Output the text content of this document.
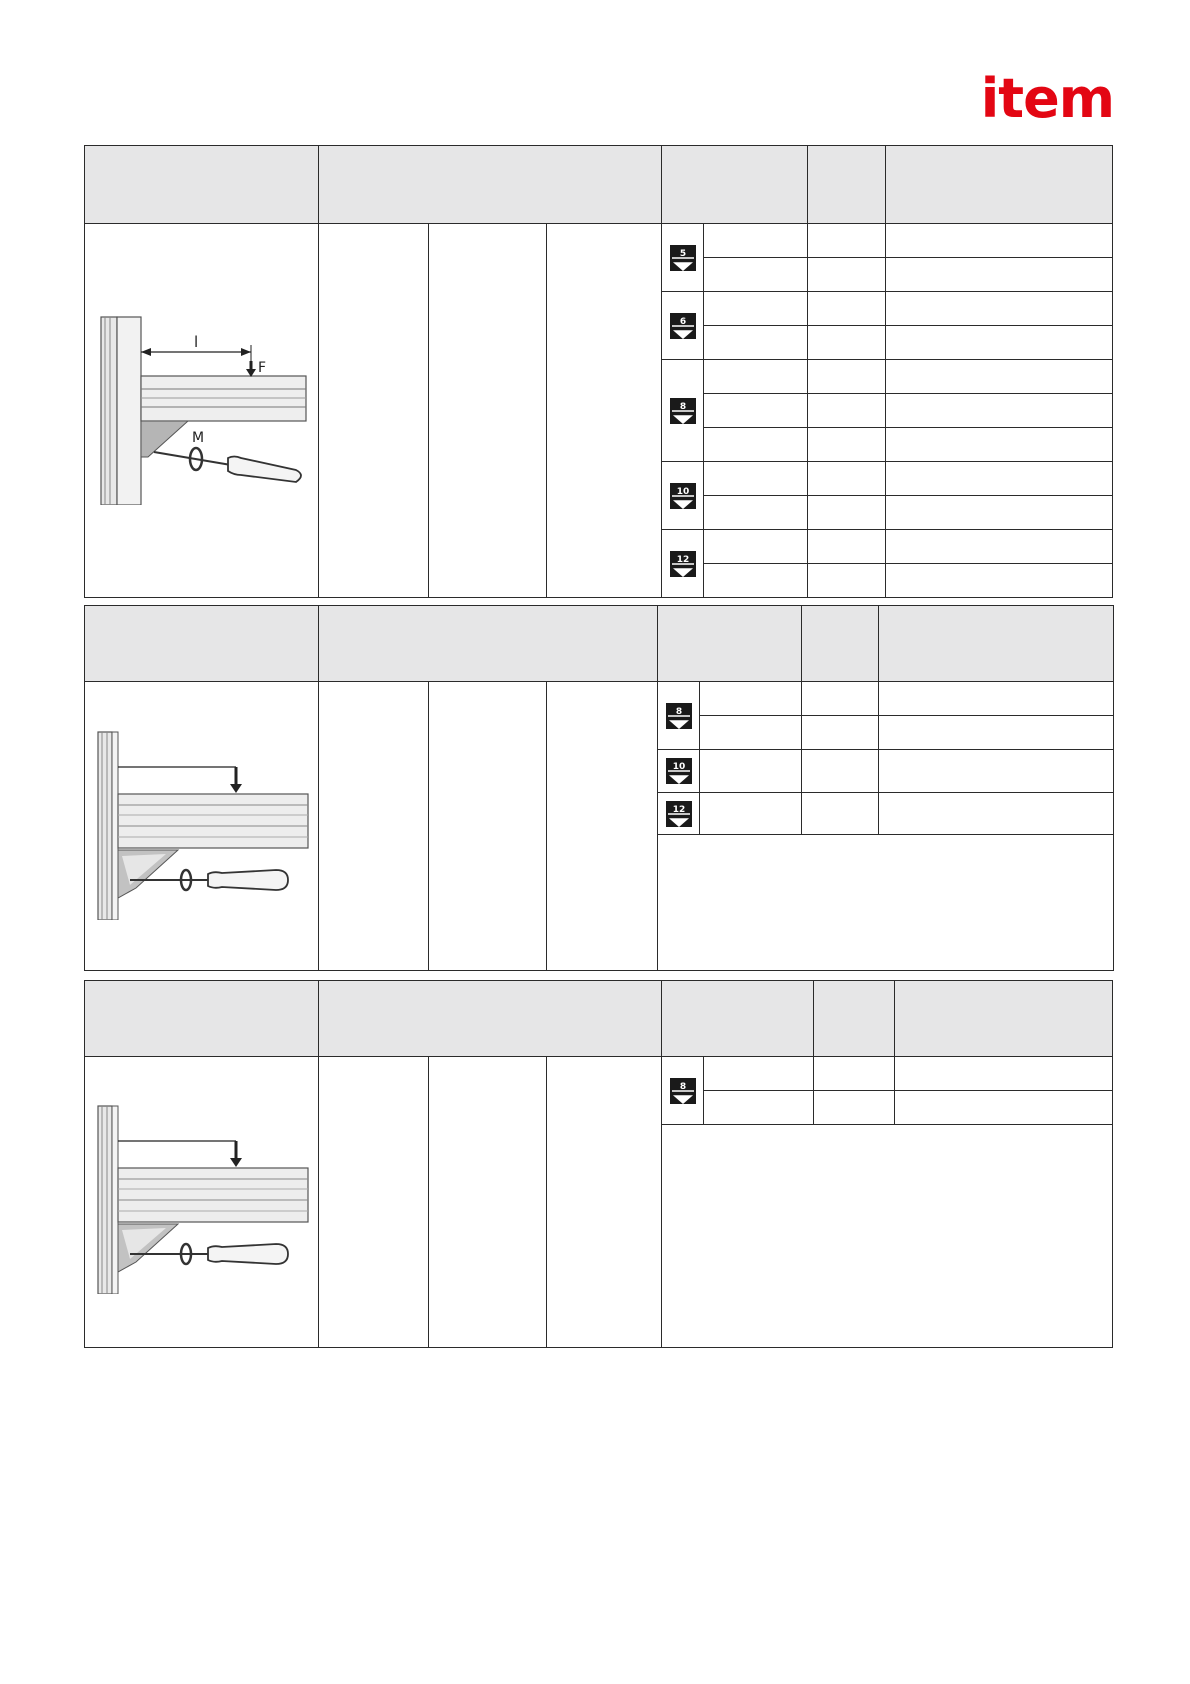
item

5			

6			

8			

10			

12			

l
F
M

8			

10			

12			

8			
